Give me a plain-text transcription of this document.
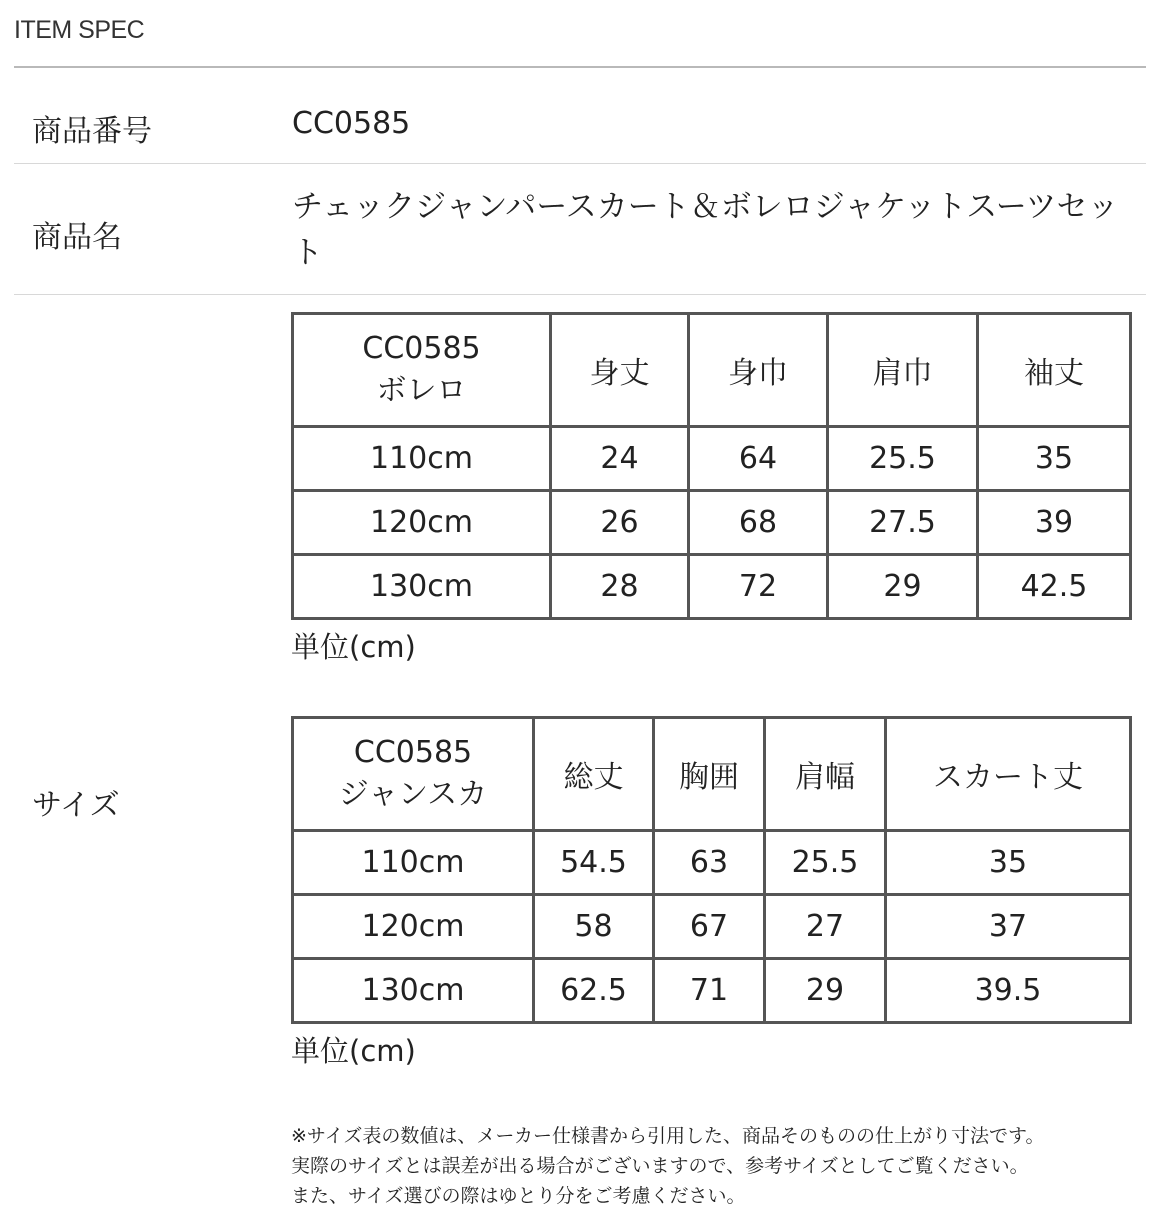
ITEM SPEC
商品番号	CC0585
商品名
チェックジャンパースカート＆ボレロジャケットスーツセット
サイズ
CC0585
ボレロ	身丈	身巾	肩巾	袖丈
110cm	24	64	25.5	35
120cm	26	68	27.5	39
130cm	28	72	29	42.5
単位(cm)
CC0585
ジャンスカ	総丈	胸囲	肩幅	スカート丈
110cm	54.5	63	25.5	35
120cm	58	67	27	37
130cm	62.5	71	29	39.5
単位(cm)
※サイズ表の数値は、メーカー仕様書から引用した、商品そのものの仕上がり寸法です。
実際のサイズとは誤差が出る場合がございますので、参考サイズとしてご覧ください。
また、サイズ選びの際はゆとり分をご考慮ください。
